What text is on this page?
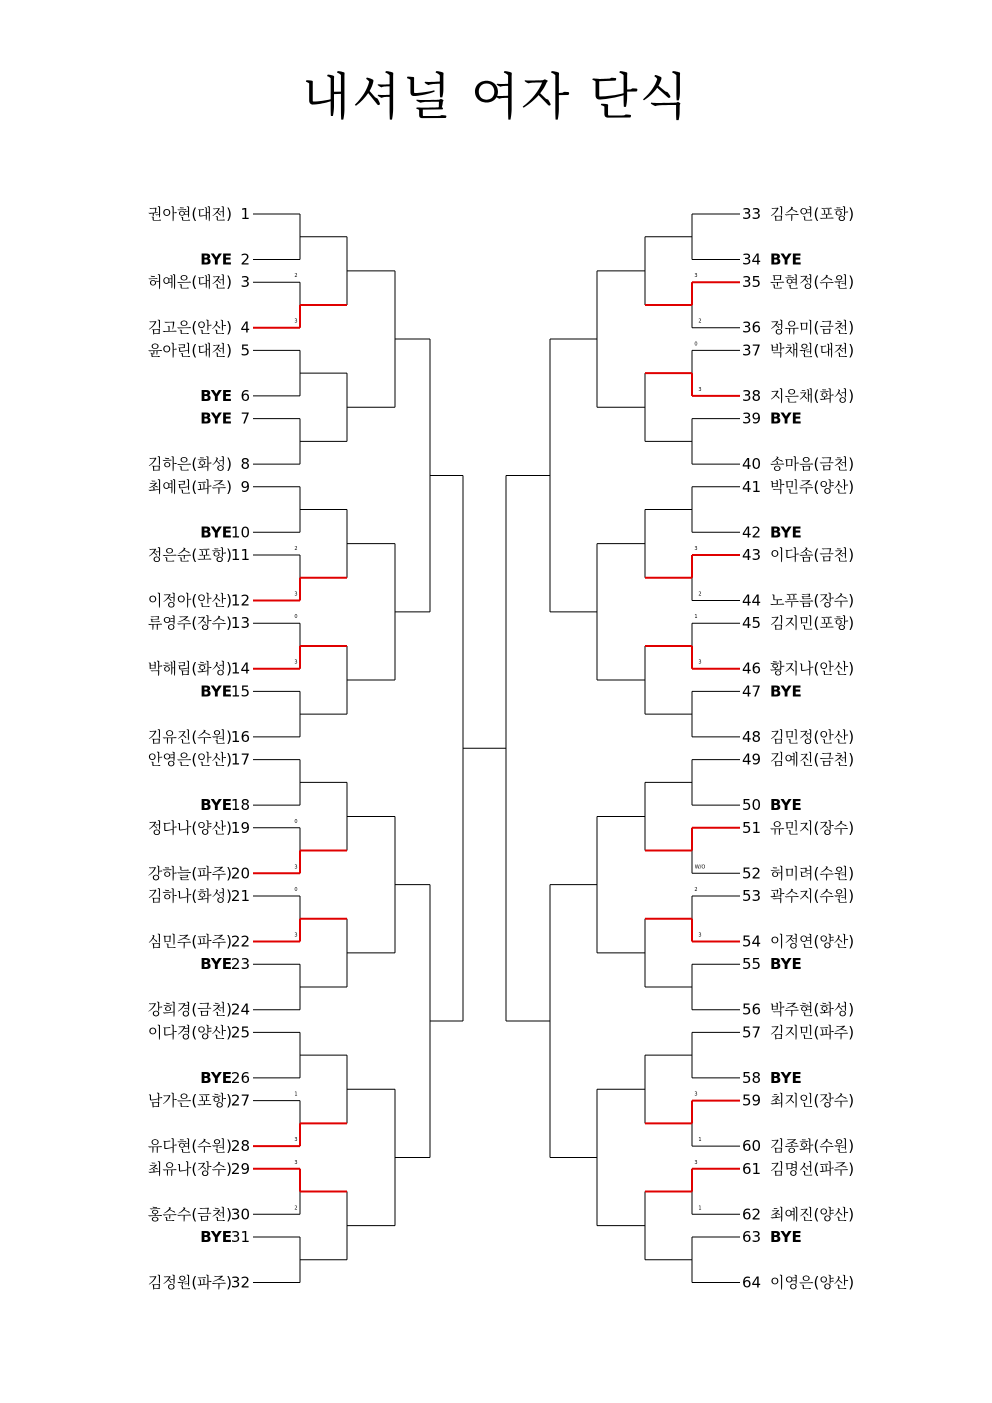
내셔널 여자 단식
1
권아현(대전)
2
BYE
3
허예은(대전)
4
김고은(안산)
5
윤아린(대전)
6
BYE
7
BYE
8
김하은(화성)
9
최예린(파주)
10
BYE
11
정은순(포항)
12
이정아(안산)
13
류영주(장수)
14
박해림(화성)
15
BYE
16
김유진(수원)
17
안영은(안산)
18
BYE
19
정다나(양산)
20
강하늘(파주)
21
김하나(화성)
22
심민주(파주)
23
BYE
24
강희경(금천)
25
이다경(양산)
26
BYE
27
남가은(포항)
28
유다현(수원)
29
최유나(장수)
30
홍순수(금천)
31
BYE
32
김정원(파주)
33 김수연(포항)
34 BYE
35 문현정(수원)
36 정유미(금천)
37 박채원(대전)
38 지은채(화성)
39 BYE
40 송마음(금천)
41 박민주(양산)
42 BYE
43 이다솜(금천)
44 노푸름(장수)
45 김지민(포항)
46 황지나(안산)
47 BYE
48 김민정(안산)
49 김예진(금천)
50 BYE
51 유민지(장수)
52 허미려(수원)
53 곽수지(수원)
54 이정연(양산)
55 BYE
56 박주현(화성)
57 김지민(파주)
58 BYE
59 최지인(장수)
60 김종화(수원)
61 김명선(파주)
62 최예진(양산)
63 BYE
64 이영은(양산)
2
3
2
3
0
3
0
3
0
3
1
3
3
2
3
2
0
3
3
2
1
3
W/O
2
3
3
1
3
1
